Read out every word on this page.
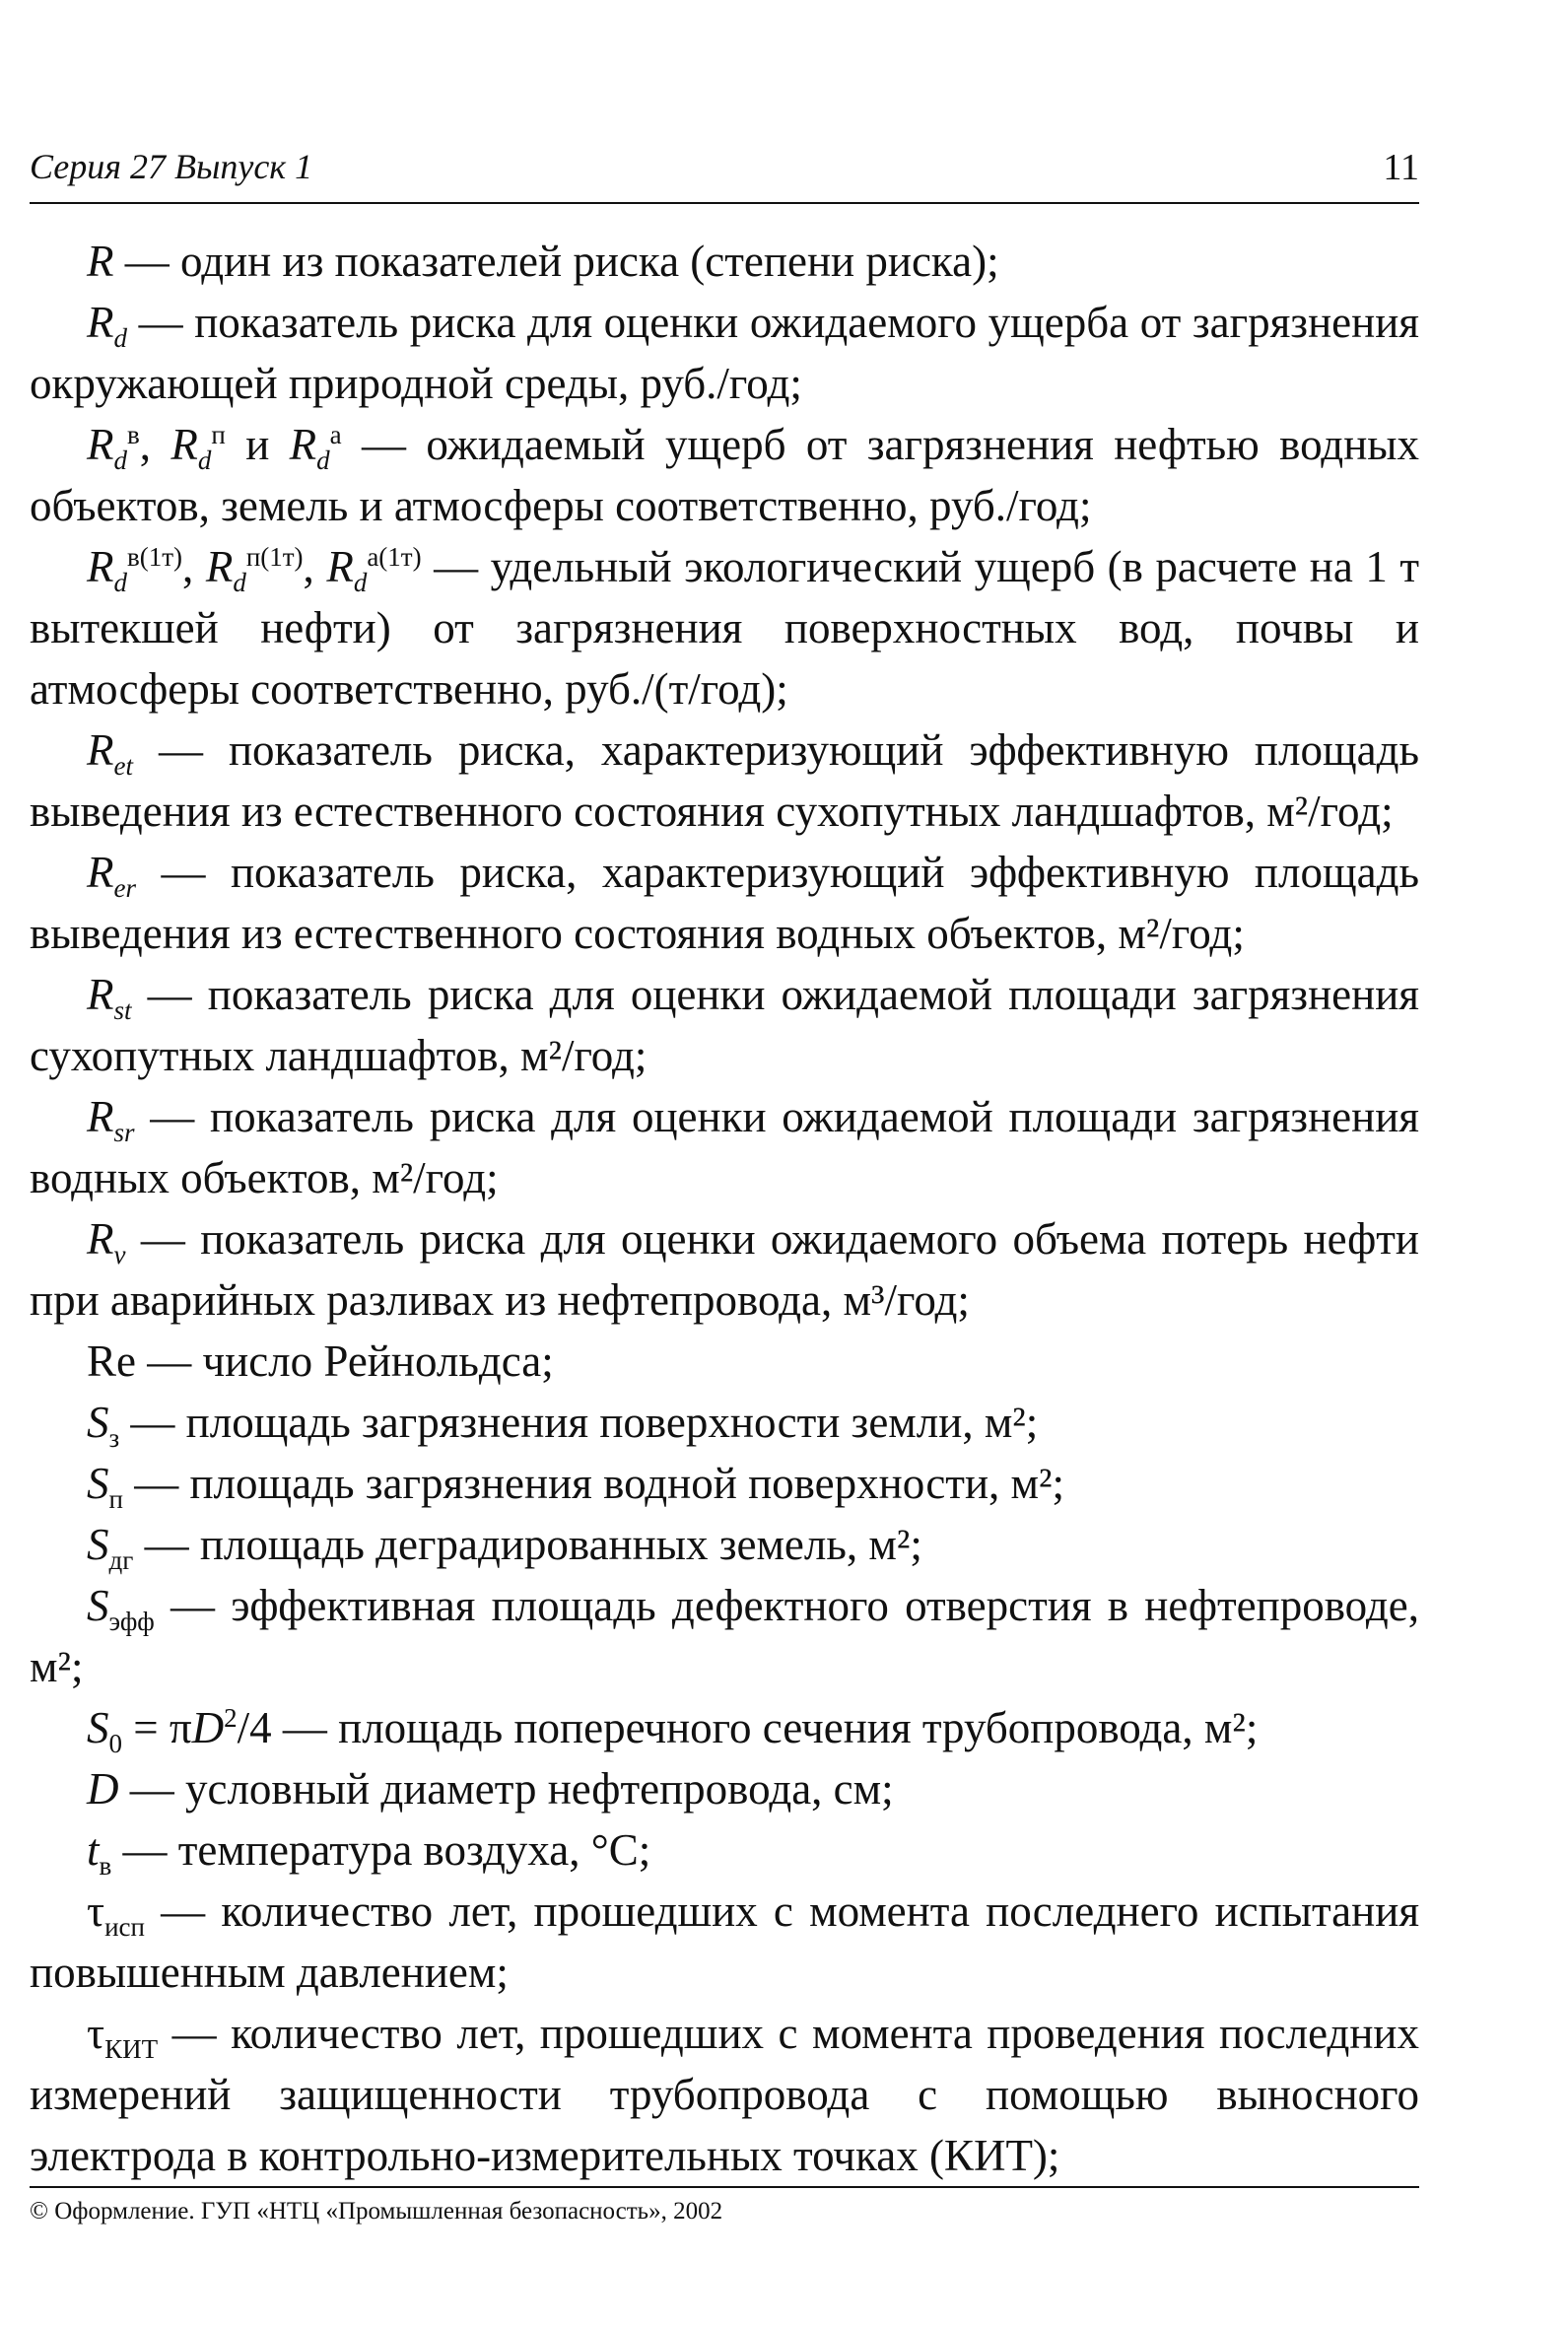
Серия 27 Выпуск 1	11

R — один из показателей риска (степени риска);

$R_d$ — показатель риска для оценки ожидаемого ущерба от загрязнения окружающей природной среды, руб./год;

$R_d^в$, $R_d^п$ и $R_d^а$ — ожидаемый ущерб от загрязнения нефтью водных объектов, земель и атмосферы соответственно, руб./год;

$R_d^{в(1т)}$, $R_d^{п(1т)}$, $R_d^{а(1т)}$ — удельный экологический ущерб (в расчете на 1 т вытекшей нефти) от загрязнения поверхностных вод, почвы и атмосферы соответственно, руб./(т/год);

$R_{et}$ — показатель риска, характеризующий эффективную площадь выведения из естественного состояния сухопутных ландшафтов, м²/год;

$R_{er}$ — показатель риска, характеризующий эффективную площадь выведения из естественного состояния водных объектов, м²/год;

$R_{st}$ — показатель риска для оценки ожидаемой площади загрязнения сухопутных ландшафтов, м²/год;

$R_{sr}$ — показатель риска для оценки ожидаемой площади загрязнения водных объектов, м²/год;

$R_v$ — показатель риска для оценки ожидаемого объема потерь нефти при аварийных разливах из нефтепровода, м³/год;

Re — число Рейнольдса;

$S_з$ — площадь загрязнения поверхности земли, м²;

$S_п$ — площадь загрязнения водной поверхности, м²;

$S_{дг}$ — площадь деградированных земель, м²;

$S_{эфф}$ — эффективная площадь дефектного отверстия в нефтепроводе, м²;

$S_0 = \pi D^2/4$ — площадь поперечного сечения трубопровода, м²;

D — условный диаметр нефтепровода, см;

$t_в$ — температура воздуха, °С;

$\tau_{исп}$ — количество лет, прошедших с момента последнего испытания повышенным давлением;

$\tau_{КИТ}$ — количество лет, прошедших с момента проведения последних измерений защищенности трубопровода с помощью выносного электрода в контрольно-измерительных точках (КИТ);

© Оформление. ГУП «НТЦ «Промышленная безопасность», 2002
